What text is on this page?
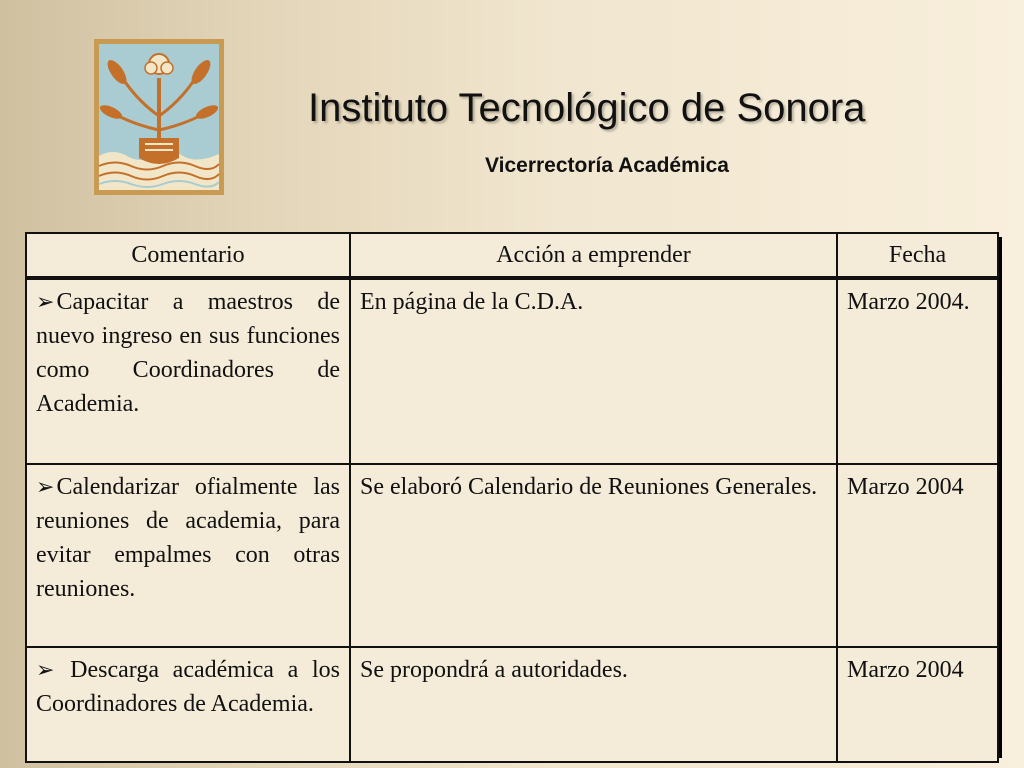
Instituto Tecnológico de Sonora
Vicerrectoría Académica
Comentario	Acción a emprender	Fecha
➢Capacitar a maestros de nuevo ingreso en sus funciones como Coordinadores de Academia.	En página de la C.D.A.	Marzo 2004.
➢Calendarizar ofialmente las reuniones de academia, para evitar empalmes con otras reuniones.	Se elaboró Calendario de Reuniones Generales.	Marzo 2004
➢ Descarga académica a los Coordinadores de Academia.	Se propondrá a autoridades.	Marzo 2004
